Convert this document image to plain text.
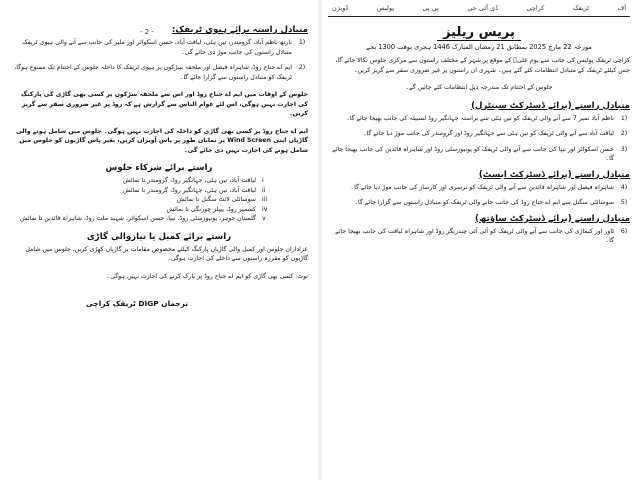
- 2 -	متبادل راستہ برائے ہیوی ٹریفک:
1)
نارتھ ناظم آباد، گرومندر، تین ہٹی، لیاقت آباد، حسن اسکوائر اور ملیر کی جانب سے آنے والی ہیوی ٹریفک متبادل راستوں کی جانب موڑ دی جائے گی۔
2)
ایم اے جناح روڈ، شاہراہ فیصل اور ملحقہ سڑکوں پر ہیوی ٹریفک کا داخلہ جلوس کے اختتام تک ممنوع ہوگا، ٹریفک کو متبادل راستوں سے گزارا جائے گا۔

جلوس کے اوقات میں ایم اے جناح روڈ اور اس سے ملحقہ سڑکوں پر کسی بھی گاڑی کی پارکنگ کی اجازت نہیں ہوگی، اس لئے عوام الناس سے گزارش ہے کہ روڈ پر غیر ضروری سفر سے گریز کریں۔

ایم اے جناح روڈ پر کسی بھی گاڑی کو داخلہ کی اجازت نہیں ہوگی۔ جلوس میں شامل ہونے والی گاڑیاں اپنی Wind Screen پر نمایاں طور پر پاس آویزاں کریں، بغیر پاس گاڑیوں کو جلوس میں شامل ہونے کی اجازت نہیں دی جائے گی۔

راستے برائے شرکاء جلوس
i
لیاقت آباد، تین ہٹی، جہانگیر روڈ، گرومندر تا نمائش
ii
لیاقت آباد، تین ہٹی، جہانگیر روڈ، گرومندر تا نمائش
iii
سوسائٹی لائٹ سگنل تا نمائش
iv
کشمیر روڈ، پیپلز چورنگی تا نمائش
v
گلستان جوہر، یونیورسٹی روڈ، نیپا، حسن اسکوائر، شہید ملت روڈ، شاہراہ قائدین تا نمائش
راستے برائے کمبل یا نیازوالی گاڑی

عزاداران جلوس اور کمبل والی گاڑیاں پارکنگ کیلئے مخصوص مقامات پر گاڑیاں کھڑی کریں، جلوس میں شامل گاڑیوں کو مقررہ راستوں سے داخلے کی اجازت ہوگی۔

نوٹ: کسی بھی گاڑی کو ایم اے جناح روڈ پر پارک کرنے کی اجازت نہیں ہوگی۔

ترجمان DIGP ٹریفک کراچی
آف
ٹریفک
کراچی
ڈی آئی جی
پی پی
پولیس
ڈویژن
پریس ریلیز
مورخہ 22 مارچ 2025 بمطابق 21 رمضان المبارک 1446 ہجری بوقت 1300 بجے

کراچی ٹریفک پولیس کی جانب سے یوم علیؑ کے موقع پر شہر کے مختلف راستوں سے مرکزی جلوس نکالا جائے گا، جس کیلئے ٹریفک کے متبادل انتظامات کئے گئے ہیں۔ شہری ان راستوں پر غیر ضروری سفر سے گریز کریں۔

جلوس کے اختتام تک مندرجہ ذیل انتظامات کئے جائیں گے۔

متبادل راستے (برائے ڈسٹرکٹ سینٹرل)
1)
ناظم آباد نمبر 7 سے آنے والی ٹریفک کو تین ہٹی سے براستہ جہانگیر روڈ لسبیلہ کی جانب بھیجا جائے گا۔
2)
لیاقت آباد سے آنے والی ٹریفک کو تین ہٹی سے جہانگیر روڈ اور گرومندر کی جانب موڑ دیا جائے گا۔
3)
حسن اسکوائر اور نیپا کی جانب سے آنے والی ٹریفک کو یونیورسٹی روڈ اور شاہراہ قائدین کی جانب بھیجا جائے گا۔
متبادل راستے (برائے ڈسٹرکٹ ایسٹ)
4)
شاہراہ فیصل اور شاہراہ قائدین سے آنے والی ٹریفک کو نرسری اور کارساز کی جانب موڑ دیا جائے گا۔
5)
سوسائٹی سگنل سے ایم اے جناح روڈ کی جانب جانے والی ٹریفک کو متبادل راستوں سے گزارا جائے گا۔
متبادل راستے (برائے ڈسٹرکٹ ساؤتھ)
6)
ٹاور اور کیماڑی کی جانب سے آنے والی ٹریفک کو آئی آئی چندریگر روڈ اور شاہراہ لیاقت کی جانب بھیجا جائے گا۔
